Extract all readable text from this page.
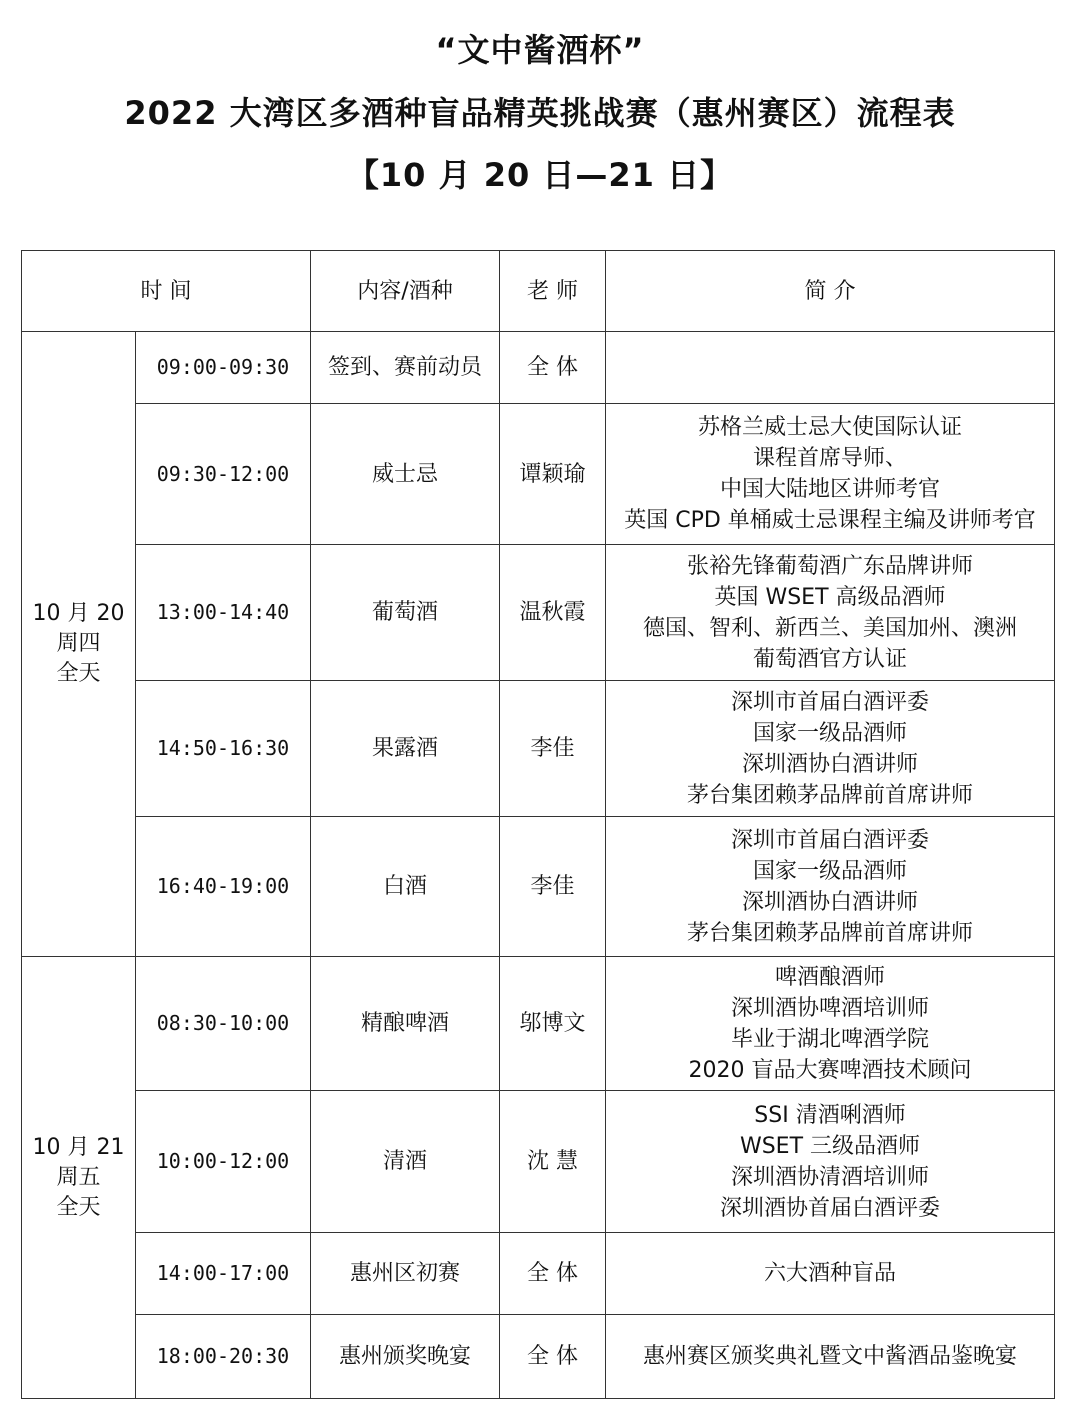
“文中酱酒杯”
2022 大湾区多酒种盲品精英挑战赛（惠州赛区）流程表
【10 月 20 日—21 日】
时 间		内容/酒种	老 师	简 介

10 月 20
周四
全天	09:00-09:30	签到、赛前动员	全 体	
	09:30-12:00	威士忌	谭颖瑜	苏格兰威士忌大使国际认证
课程首席导师、
中国大陆地区讲师考官
英国 CPD 单桶威士忌课程主编及讲师考官

	13:00-14:40	葡萄酒	温秋霞	张裕先锋葡萄酒广东品牌讲师
英国 WSET 高级品酒师
德国、智利、新西兰、美国加州、澳洲
葡萄酒官方认证

	14:50-16:30	果露酒	李佳	深圳市首届白酒评委
国家一级品酒师
深圳酒协白酒讲师
茅台集团赖茅品牌前首席讲师

	16:40-19:00	白酒	李佳	深圳市首届白酒评委
国家一级品酒师
深圳酒协白酒讲师
茅台集团赖茅品牌前首席讲师

10 月 21
周五
全天	08:30-10:00	精酿啤酒	邬博文	啤酒酿酒师
深圳酒协啤酒培训师
毕业于湖北啤酒学院
2020 盲品大赛啤酒技术顾问

	10:00-12:00	清酒	沈 慧	SSI 清酒唎酒师
WSET 三级品酒师
深圳酒协清酒培训师
深圳酒协首届白酒评委

	14:00-17:00	惠州区初赛	全 体	六大酒种盲品

	18:00-20:30	惠州颁奖晚宴	全 体	惠州赛区颁奖典礼暨文中酱酒品鉴晚宴
